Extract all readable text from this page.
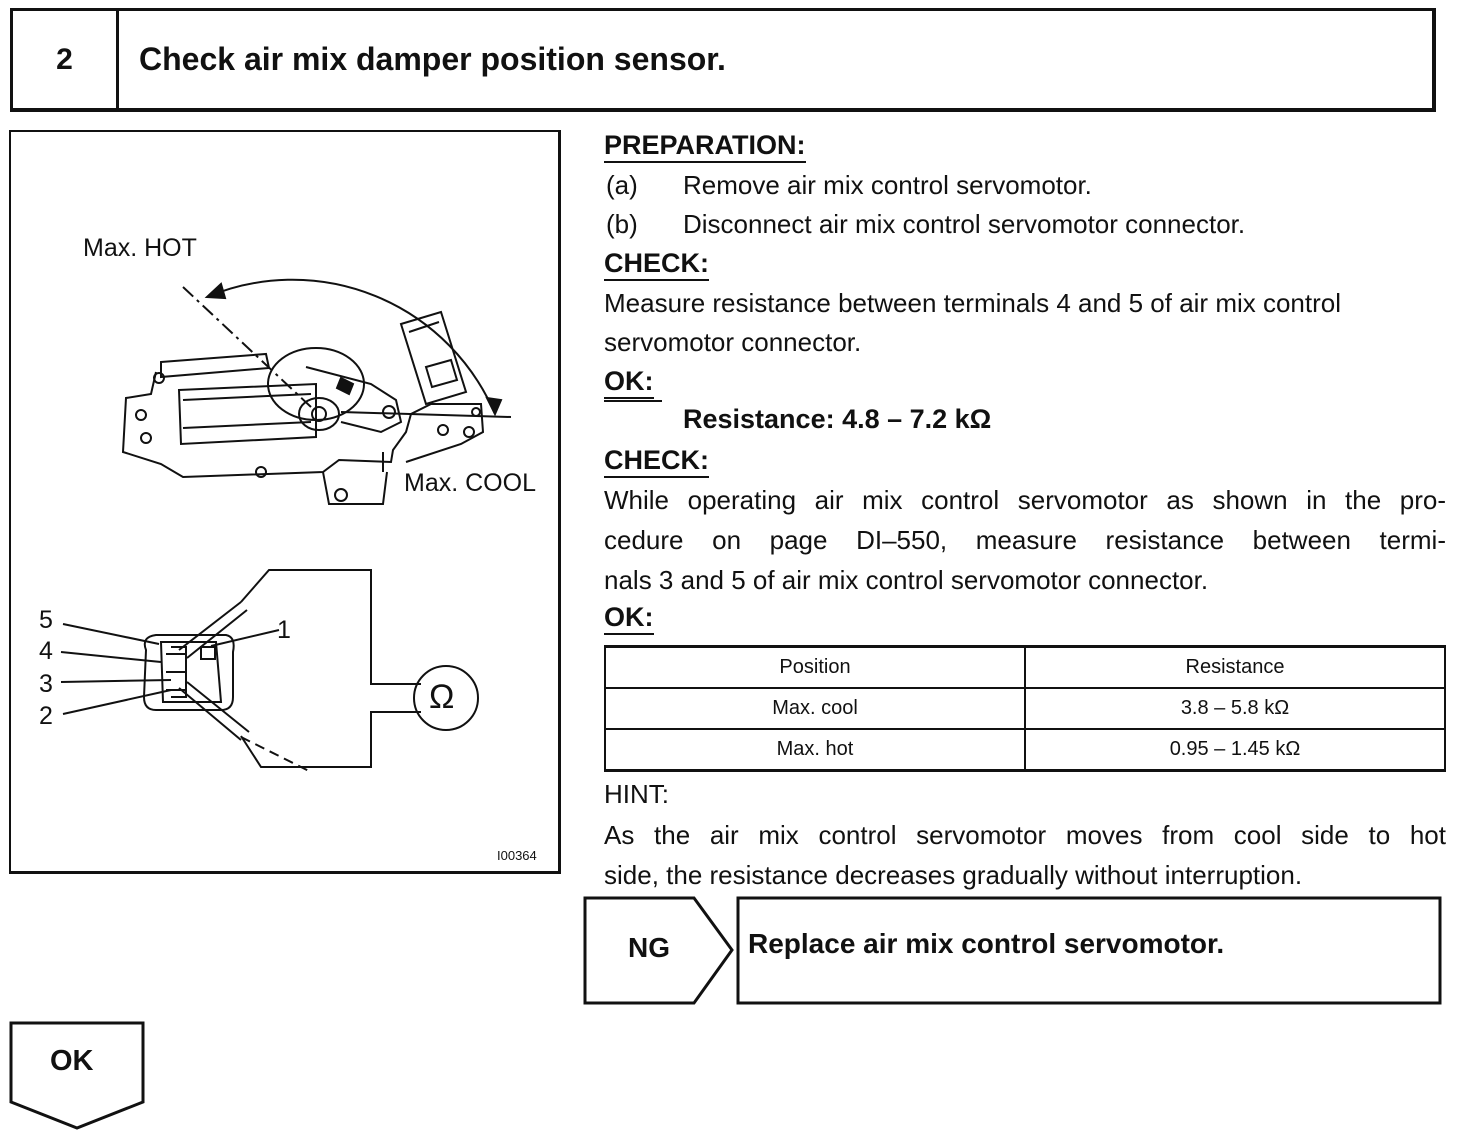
2	Check air mix damper position sensor.
Max. HOT
Max. COOL
5
4
3
2
1
Ω
I00364
PREPARATION:
(a) Remove air mix control servomotor.
(b) Disconnect air mix control servomotor connector.
CHECK:
Measure resistance between terminals 4 and 5 of air mix control
servomotor connector.
OK:
Resistance: 4.8 – 7.2 kΩ
CHECK:
While operating air mix control servomotor as shown in the pro-
cedure on page DI–550, measure resistance between termi-
nals 3 and 5 of air mix control servomotor connector.
OK:
Position	Resistance
Max. cool	3.8 – 5.8 kΩ
Max. hot	0.95 – 1.45 kΩ
HINT:
As the air mix control servomotor moves from cool side to hot
side, the resistance decreases gradually without interruption.
NG	Replace air mix control servomotor.
OK
